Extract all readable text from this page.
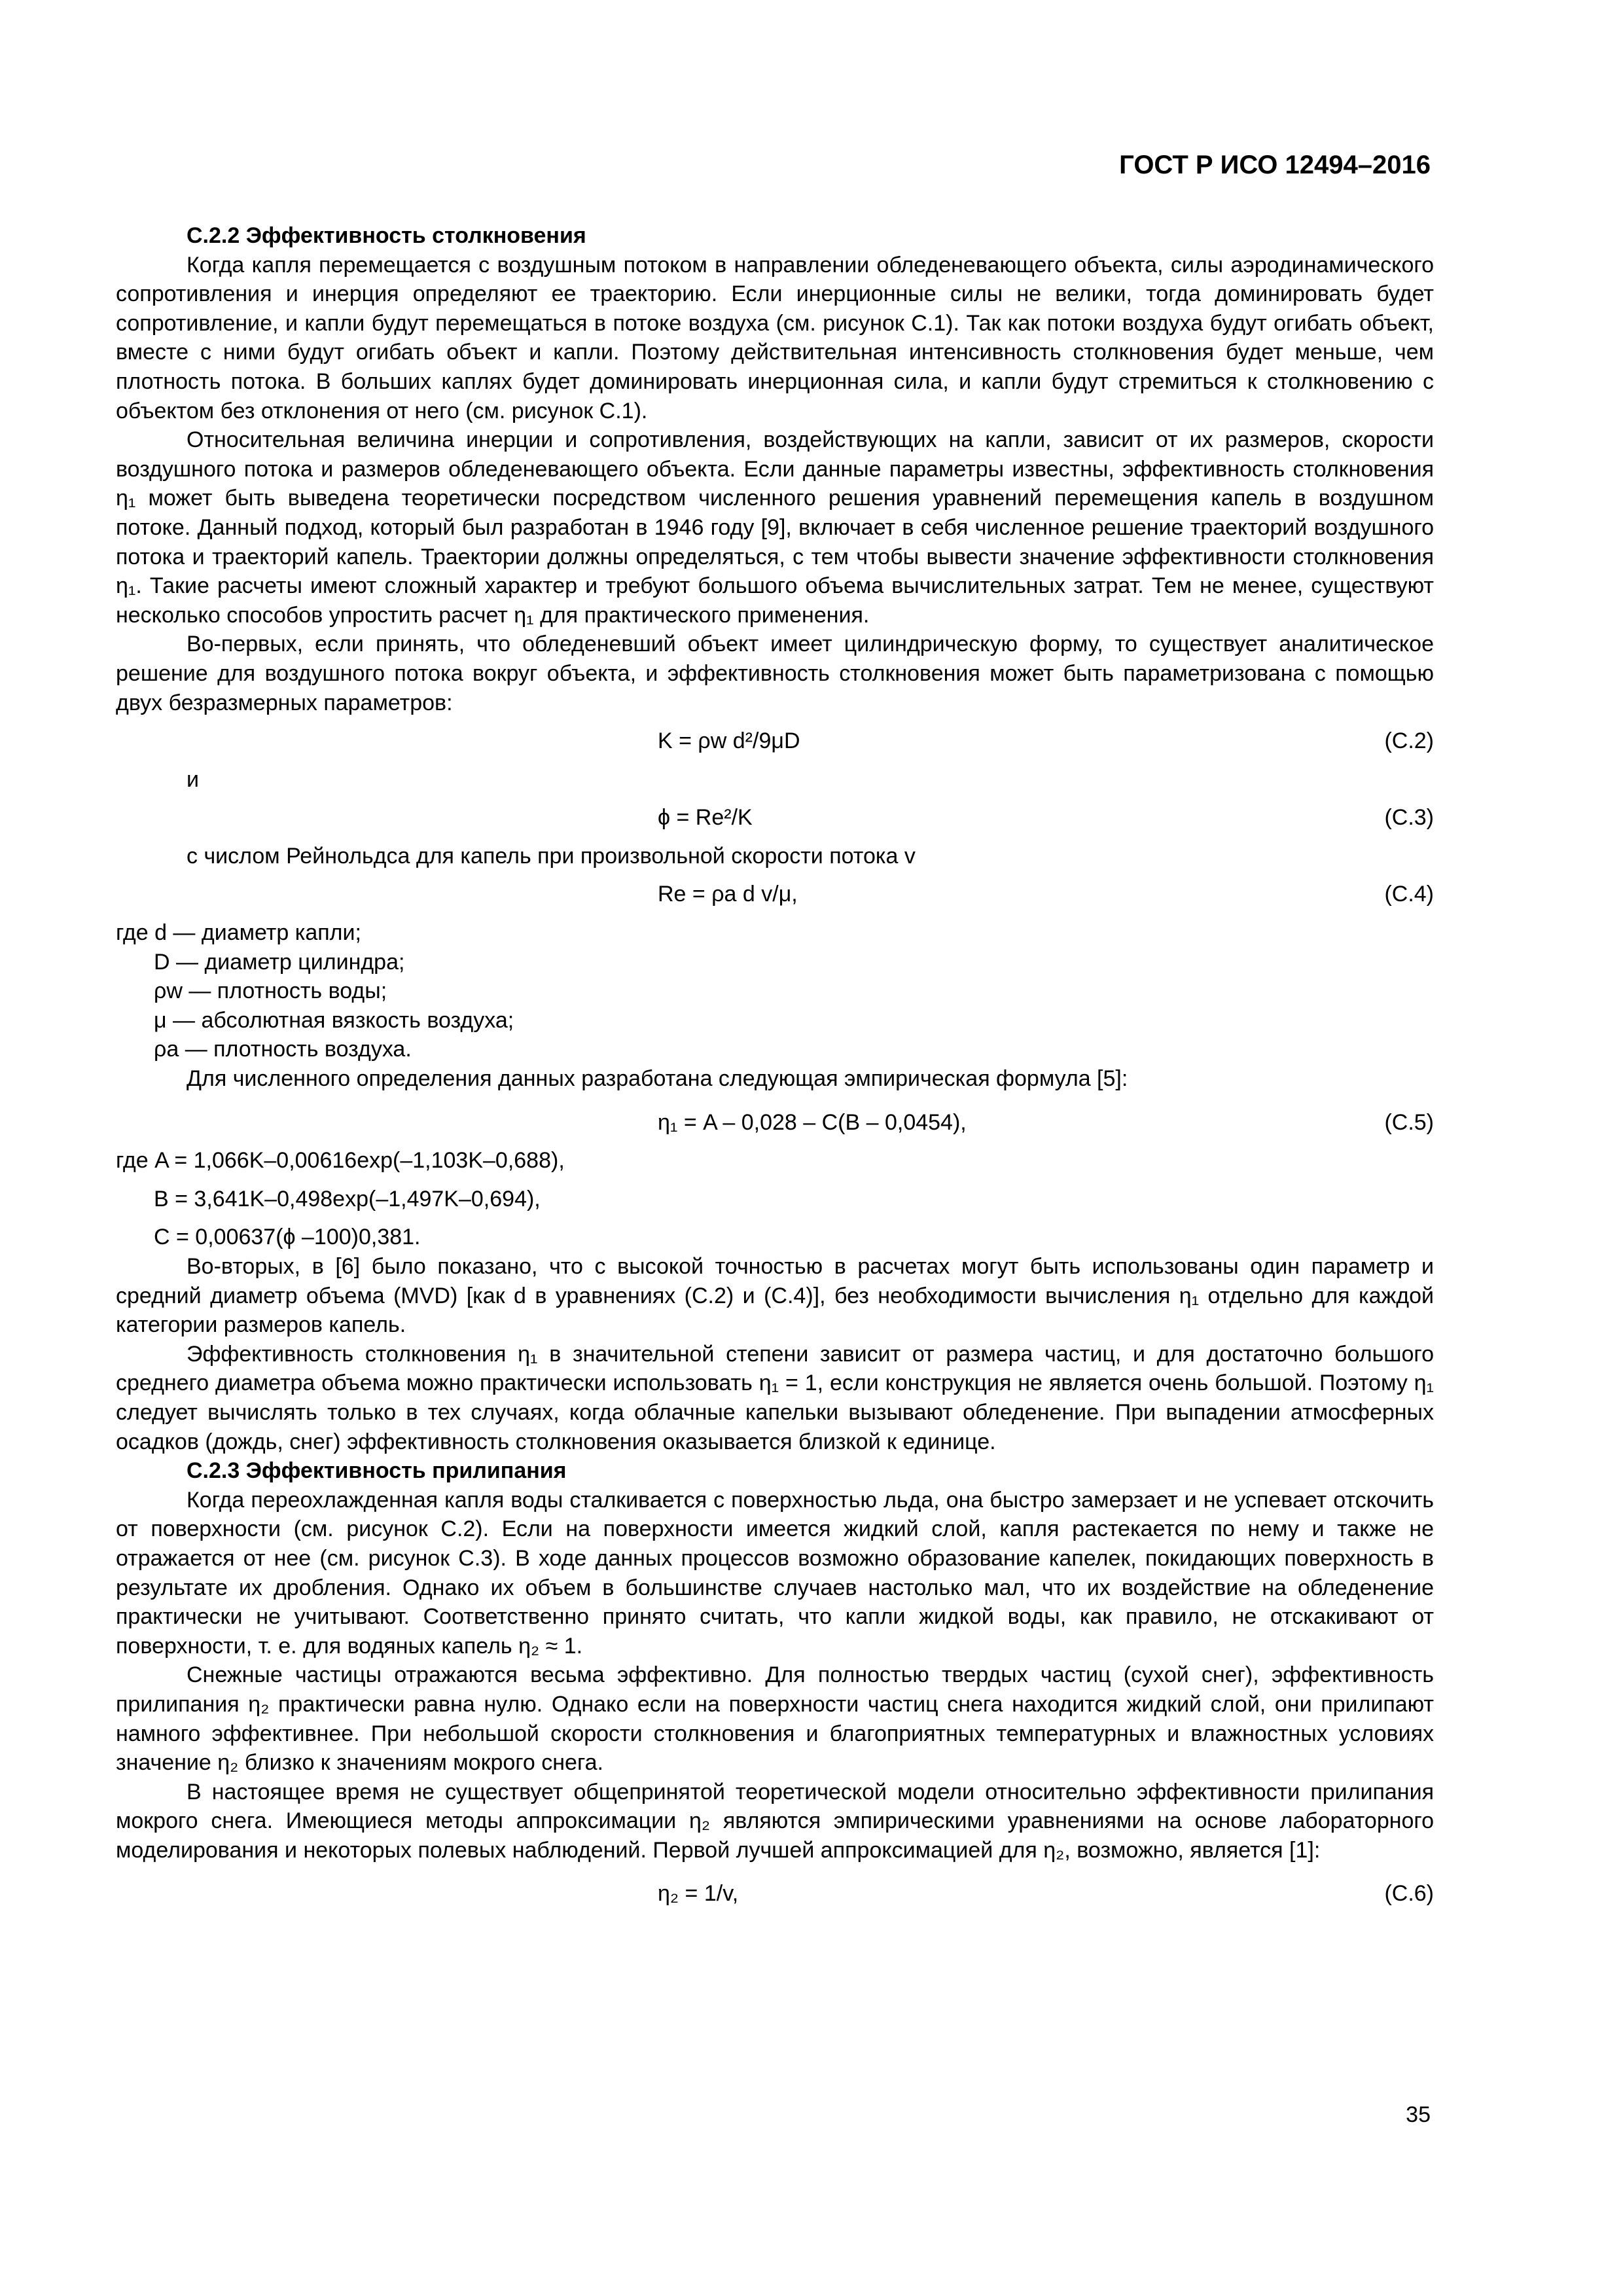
ГОСТ Р ИСО 12494–2016

С.2.2 Эффективность столкновения

Когда капля перемещается с воздушным потоком в направлении обледеневающего объекта, силы аэродинамического сопротивления и инерция определяют ее траекторию. Если инерционные силы не велики, тогда доминировать будет сопротивление, и капли будут перемещаться в потоке воздуха (см. рисунок С.1). Так как потоки воздуха будут огибать объект, вместе с ними будут огибать объект и капли. Поэтому действительная интенсивность столкновения будет меньше, чем плотность потока. В больших каплях будет доминировать инерционная сила, и капли будут стремиться к столкновению с объектом без отклонения от него (см. рисунок С.1).

Относительная величина инерции и сопротивления, воздействующих на капли, зависит от их размеров, скорости воздушного потока и размеров обледеневающего объекта. Если данные параметры известны, эффективность столкновения η₁ может быть выведена теоретически посредством численного решения уравнений перемещения капель в воздушном потоке. Данный подход, который был разработан в 1946 году [9], включает в себя численное решение траекторий воздушного потока и траекторий капель. Траектории должны определяться, с тем чтобы вывести значение эффективности столкновения η₁. Такие расчеты имеют сложный характер и требуют большого объема вычислительных затрат. Тем не менее, существуют несколько способов упростить расчет η₁ для практического применения.

Во-первых, если принять, что обледеневший объект имеет цилиндрическую форму, то существует аналитическое решение для воздушного потока вокруг объекта, и эффективность столкновения может быть параметризована с помощью двух безразмерных параметров:

K = ρw d²/9μD	(С.2)

и

ϕ = Re²/K	(С.3)

с числом Рейнольдса для капель при произвольной скорости потока v

Re = ρa d v/μ,	(С.4)

где d — диаметр капли;

D — диаметр цилиндра;

ρw — плотность воды;

μ — абсолютная вязкость воздуха;

ρa — плотность воздуха.

Для численного определения данных разработана следующая эмпирическая формула [5]:

η₁ = A – 0,028 – C(B – 0,0454),	(С.5)

где A = 1,066K–0,00616exp(–1,103K–0,688),

B = 3,641K–0,498exp(–1,497K–0,694),

C = 0,00637(ϕ –100)0,381.

Во-вторых, в [6] было показано, что с высокой точностью в расчетах могут быть использованы один параметр и средний диаметр объема (MVD) [как d в уравнениях (С.2) и (С.4)], без необходимости вычисления η₁ отдельно для каждой категории размеров капель.

Эффективность столкновения η₁ в значительной степени зависит от размера частиц, и для достаточно большого среднего диаметра объема можно практически использовать η₁ = 1, если конструкция не является очень большой. Поэтому η₁ следует вычислять только в тех случаях, когда облачные капельки вызывают обледенение. При выпадении атмосферных осадков (дождь, снег) эффективность столкновения оказывается близкой к единице.

С.2.3 Эффективность прилипания

Когда переохлажденная капля воды сталкивается с поверхностью льда, она быстро замерзает и не успевает отскочить от поверхности (см. рисунок С.2). Если на поверхности имеется жидкий слой, капля растекается по нему и также не отражается от нее (см. рисунок С.3). В ходе данных процессов возможно образование капелек, покидающих поверхность в результате их дробления. Однако их объем в большинстве случаев настолько мал, что их воздействие на обледенение практически не учитывают. Соответственно принято считать, что капли жидкой воды, как правило, не отскакивают от поверхности, т. е. для водяных капель η₂ ≈ 1.

Снежные частицы отражаются весьма эффективно. Для полностью твердых частиц (сухой снег), эффективность прилипания η₂ практически равна нулю. Однако если на поверхности частиц снега находится жидкий слой, они прилипают намного эффективнее. При небольшой скорости столкновения и благоприятных температурных и влажностных условиях значение η₂ близко к значениям мокрого снега.

В настоящее время не существует общепринятой теоретической модели относительно эффективности прилипания мокрого снега. Имеющиеся методы аппроксимации η₂ являются эмпирическими уравнениями на основе лабораторного моделирования и некоторых полевых наблюдений. Первой лучшей аппроксимацией для η₂, возможно, является [1]:

η₂ = 1/v,	(С.6)
35
